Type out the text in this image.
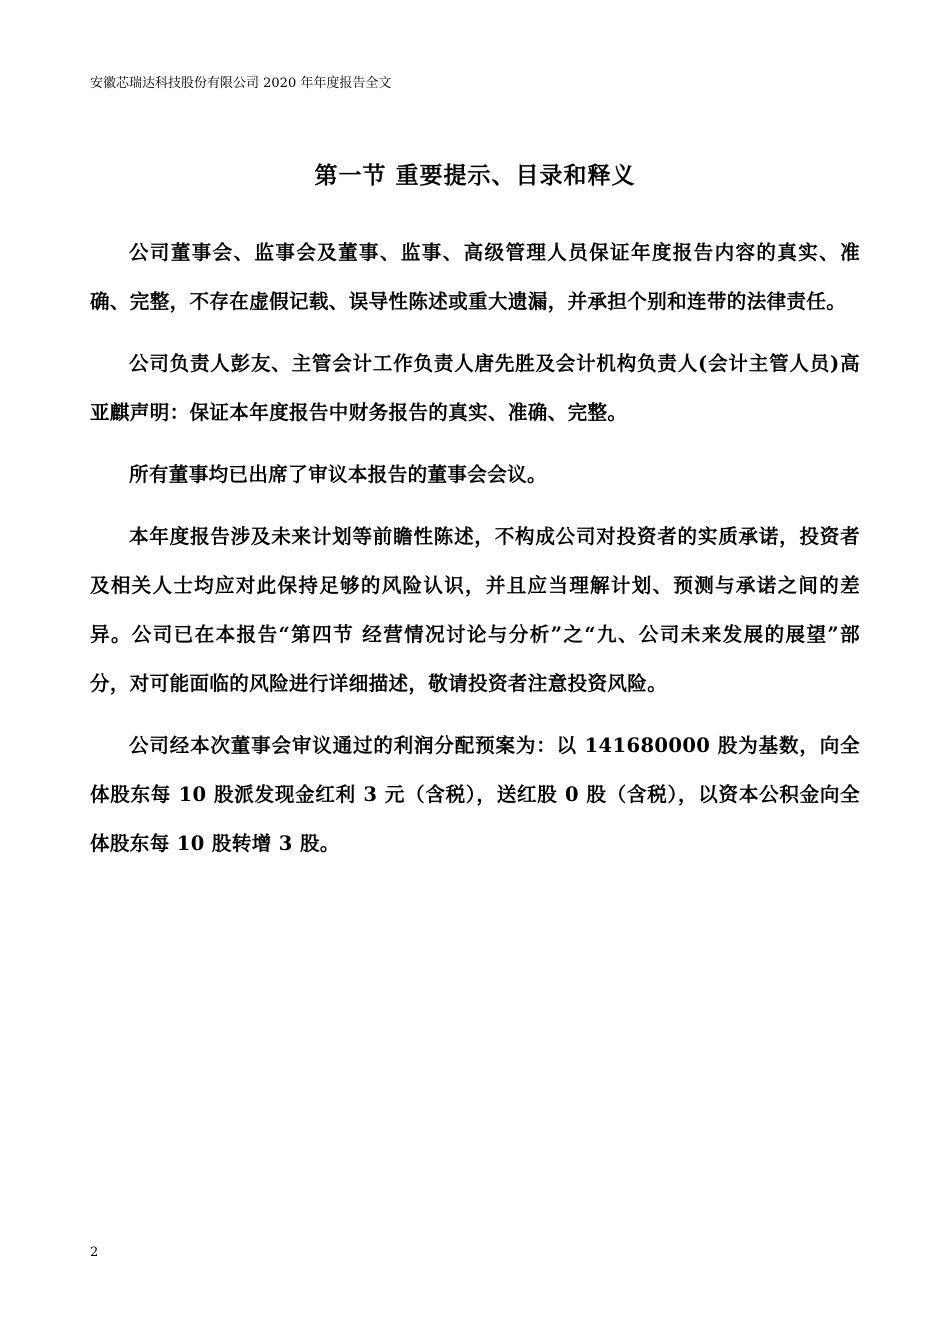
安徽芯瑞达科技股份有限公司 2020 年年度报告全文
第一节 重要提示、目录和释义

公司董事会、监事会及董事、监事、高级管理人员保证年度报告内容的真实、准确、完整，不存在虚假记载、误导性陈述或重大遗漏，并承担个别和连带的法律责任。

公司负责人彭友、主管会计工作负责人唐先胜及会计机构负责人(会计主管人员)高亚麒声明：保证本年度报告中财务报告的真实、准确、完整。

所有董事均已出席了审议本报告的董事会会议。

本年度报告涉及未来计划等前瞻性陈述，不构成公司对投资者的实质承诺，投资者及相关人士均应对此保持足够的风险认识，并且应当理解计划、预测与承诺之间的差异。公司已在本报告“第四节 经营情况讨论与分析”之“九、公司未来发展的展望”部分，对可能面临的风险进行详细描述，敬请投资者注意投资风险。

公司经本次董事会审议通过的利润分配预案为：以 141680000 股为基数，向全体股东每 10 股派发现金红利 3 元（含税），送红股 0 股（含税），以资本公积金向全体股东每 10 股转增 3 股。

2
